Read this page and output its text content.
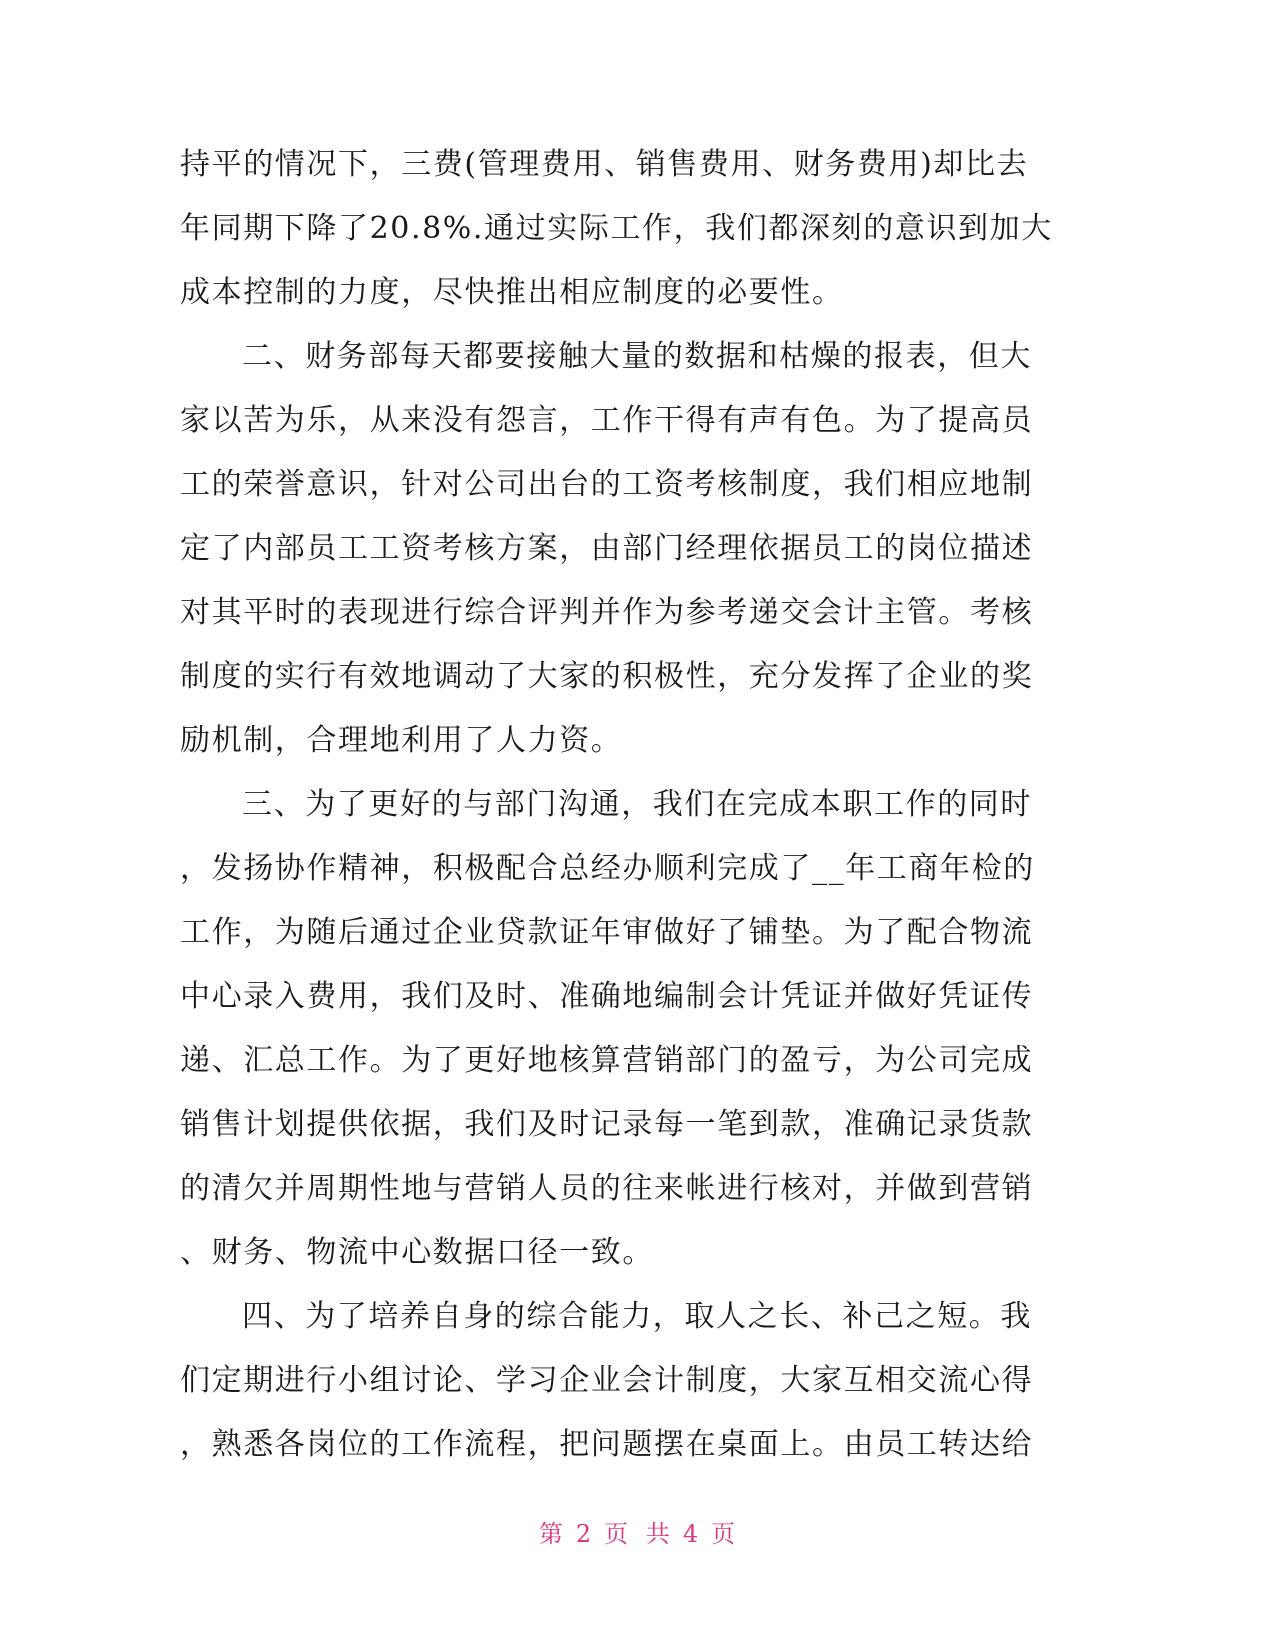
持平的情况下，三费(管理费用、销售费用、财务费用)却比去
年同期下降了20.8%.通过实际工作，我们都深刻的意识到加大
成本控制的力度，尽快推出相应制度的必要性。
二、财务部每天都要接触大量的数据和枯燥的报表，但大
家以苦为乐，从来没有怨言，工作干得有声有色。为了提高员
工的荣誉意识，针对公司出台的工资考核制度，我们相应地制
定了内部员工工资考核方案，由部门经理依据员工的岗位描述
对其平时的表现进行综合评判并作为参考递交会计主管。考核
制度的实行有效地调动了大家的积极性，充分发挥了企业的奖
励机制，合理地利用了人力资。
三、为了更好的与部门沟通，我们在完成本职工作的同时
，发扬协作精神，积极配合总经办顺利完成了__年工商年检的
工作，为随后通过企业贷款证年审做好了铺垫。为了配合物流
中心录入费用，我们及时、准确地编制会计凭证并做好凭证传
递、汇总工作。为了更好地核算营销部门的盈亏，为公司完成
销售计划提供依据，我们及时记录每一笔到款，准确记录货款
的清欠并周期性地与营销人员的往来帐进行核对，并做到营销
、财务、物流中心数据口径一致。
四、为了培养自身的综合能力，取人之长、补己之短。我
们定期进行小组讨论、学习企业会计制度，大家互相交流心得
，熟悉各岗位的工作流程，把问题摆在桌面上。由员工转达给
第 2 页 共 4 页
